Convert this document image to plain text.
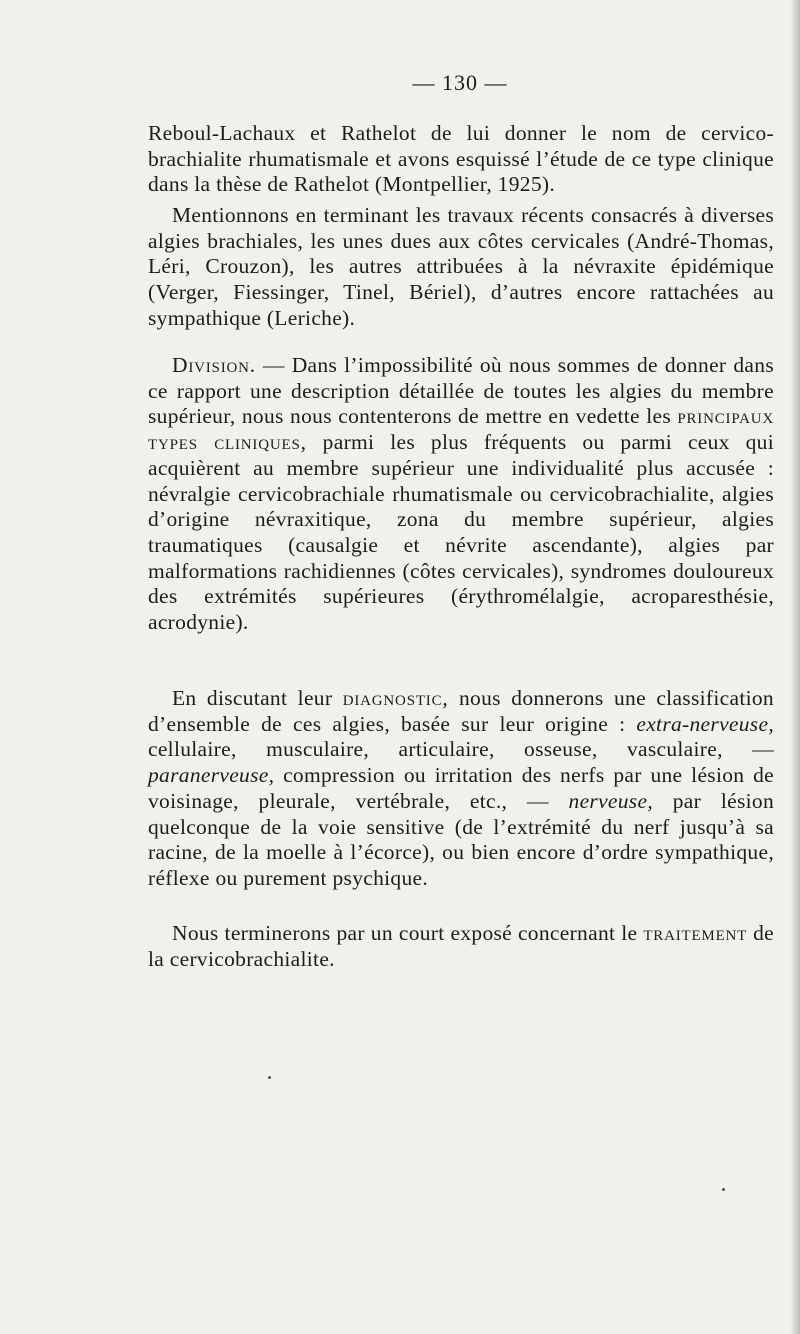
— 130 —

Reboul-Lachaux et Rathelot de lui donner le nom de cervico-brachialite rhumatismale et avons esquissé l’étude de ce type clinique dans la thèse de Rathelot (Montpellier, 1925).

Mentionnons en terminant les travaux récents consacrés à diverses algies brachiales, les unes dues aux côtes cervicales (André-Thomas, Léri, Crouzon), les autres attribuées à la névraxite épidémique (Verger, Fiessinger, Tinel, Bériel), d’autres encore rattachées au sympathique (Leriche).

Division. — Dans l’impossibilité où nous sommes de donner dans ce rapport une description détaillée de toutes les algies du membre supérieur, nous nous contenterons de mettre en vedette les principaux types cliniques, parmi les plus fréquents ou parmi ceux qui acquièrent au membre supérieur une individualité plus accusée : névralgie cervicobrachiale rhumatismale ou cervicobrachialite, algies d’origine névraxitique, zona du membre supérieur, algies traumatiques (causalgie et névrite ascendante), algies par malformations rachidiennes (côtes cervicales), syndromes douloureux des extrémités supérieures (érythromélalgie, acroparesthésie, acrodynie).

En discutant leur diagnostic, nous donnerons une classification d’ensemble de ces algies, basée sur leur origine : extra-nerveuse, cellulaire, musculaire, articulaire, osseuse, vasculaire, — paranerveuse, compression ou irritation des nerfs par une lésion de voisinage, pleurale, vertébrale, etc., — nerveuse, par lésion quelconque de la voie sensitive (de l’extrémité du nerf jusqu’à sa racine, de la moelle à l’écorce), ou bien encore d’ordre sympathique, réflexe ou purement psychique.

Nous terminerons par un court exposé concernant le traitement de la cervicobrachialite.
